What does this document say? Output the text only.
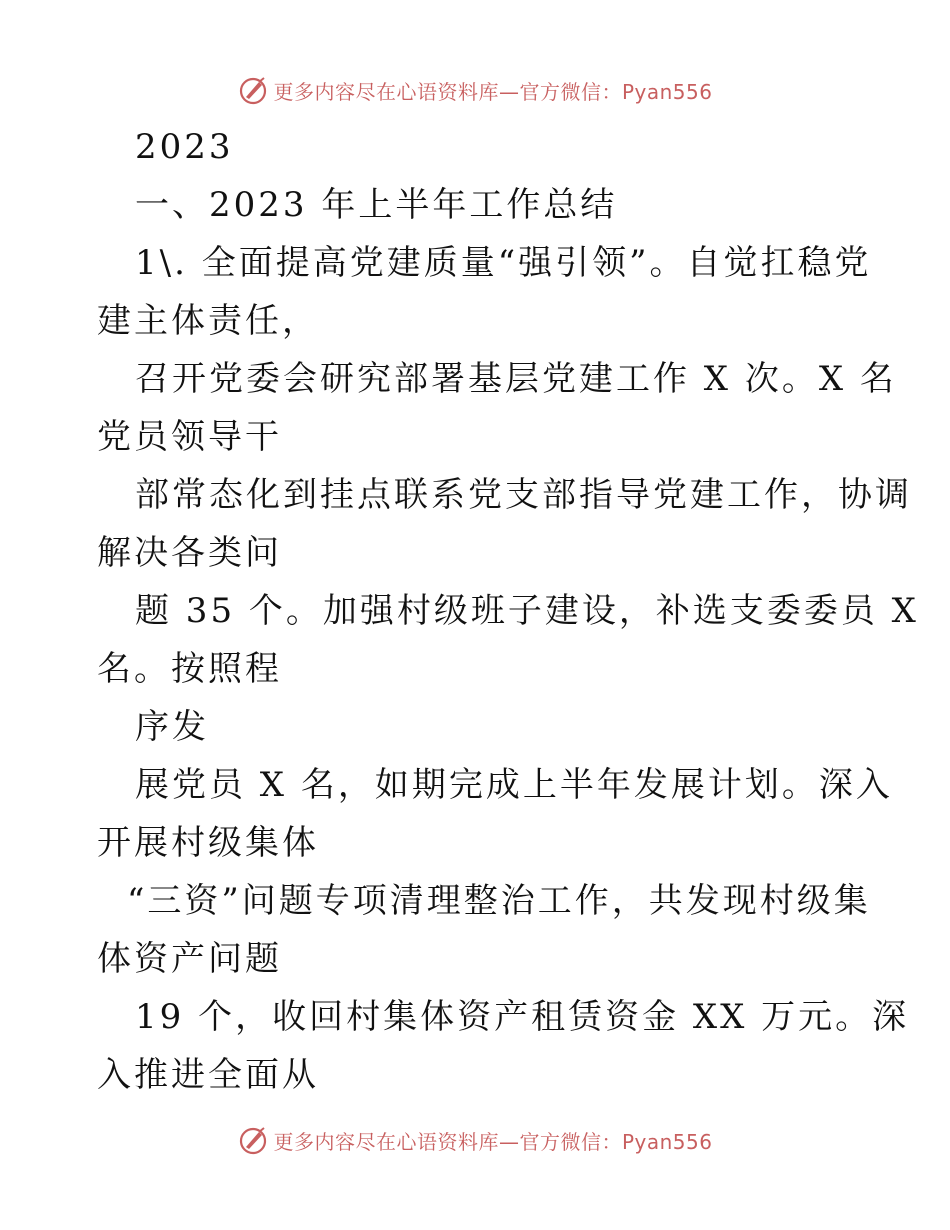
更多内容尽在心语资料库—官方微信：Pyan556
2023
一、2023 年上半年工作总结
1\. 全面提高党建质量“强引领”。自觉扛稳党
建主体责任，
召开党委会研究部署基层党建工作 X 次。X 名
党员领导干
部常态化到挂点联系党支部指导党建工作，协调
解决各类问
题 35 个。加强村级班子建设，补选支委委员 X
名。按照程
序发
展党员 X 名，如期完成上半年发展计划。深入
开展村级集体
“三资”问题专项清理整治工作，共发现村级集
体资产问题
19 个，收回村集体资产租赁资金 XX 万元。深
入推进全面从
更多内容尽在心语资料库—官方微信：Pyan556
